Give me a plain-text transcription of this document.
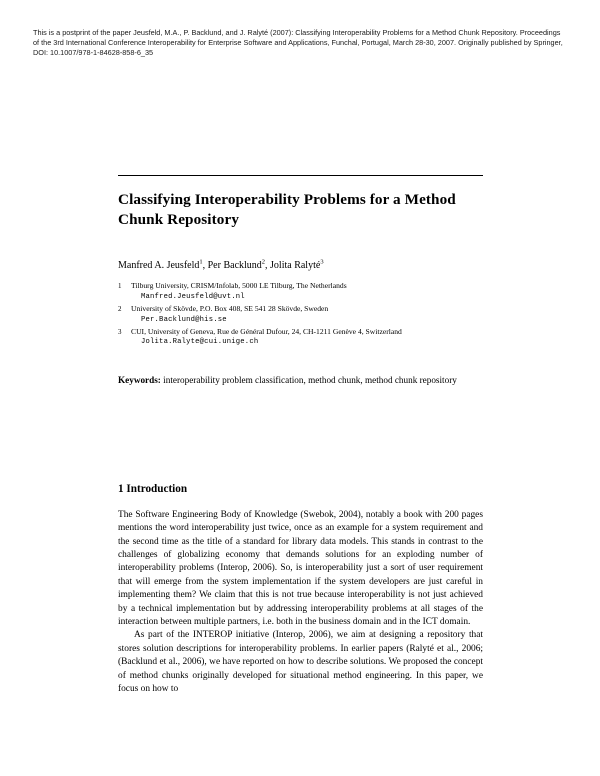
This is a postprint of the paper Jeusfeld, M.A., P. Backlund, and J. Ralyté (2007): Classifying Interoperability Problems for a Method Chunk Repository. Proceedings of the 3rd International Conference Interoperability for Enterprise Software and Applications, Funchal, Portugal, March 28-30, 2007. Originally published by Springer, DOI: 10.1007/978-1-84628-858-6_35
Classifying Interoperability Problems for a Method Chunk Repository
Manfred A. Jeusfeld$^1$, Per Backlund$^2$, Jolita Ralyté$^3$
1	Tilburg University, CRISM/Infolab, 5000 LE Tilburg, The Netherlands
Manfred.Jeusfeld@uvt.nl
2	University of Skövde, P.O. Box 408, SE 541 28 Skövde, Sweden
Per.Backlund@his.se
3	CUI, University of Geneva, Rue de Général Dufour, 24, CH-1211 Genève 4, Switzerland
Jolita.Ralyte@cui.unige.ch
Keywords: interoperability problem classification, method chunk, method chunk repository
1 Introduction

The Software Engineering Body of Knowledge (Swebok, 2004), notably a book with 200 pages mentions the word interoperability just twice, once as an example for a system requirement and the second time as the title of a standard for library data models. This stands in contrast to the challenges of globalizing economy that demands solutions for an exploding number of interoperability problems (Interop, 2006). So, is interoperability just a sort of user requirement that will emerge from the system implementation if the system developers are just careful in implementing them? We claim that this is not true because interoperability is not just achieved by a technical implementation but by addressing interoperability problems at all stages of the interaction between multiple partners, i.e. both in the business domain and in the ICT domain.

As part of the INTEROP initiative (Interop, 2006), we aim at designing a repository that stores solution descriptions for interoperability problems. In earlier papers (Ralyté et al., 2006; (Backlund et al., 2006), we have reported on how to describe solutions. We proposed the concept of method chunks originally developed for situational method engineering. In this paper, we focus on how to
